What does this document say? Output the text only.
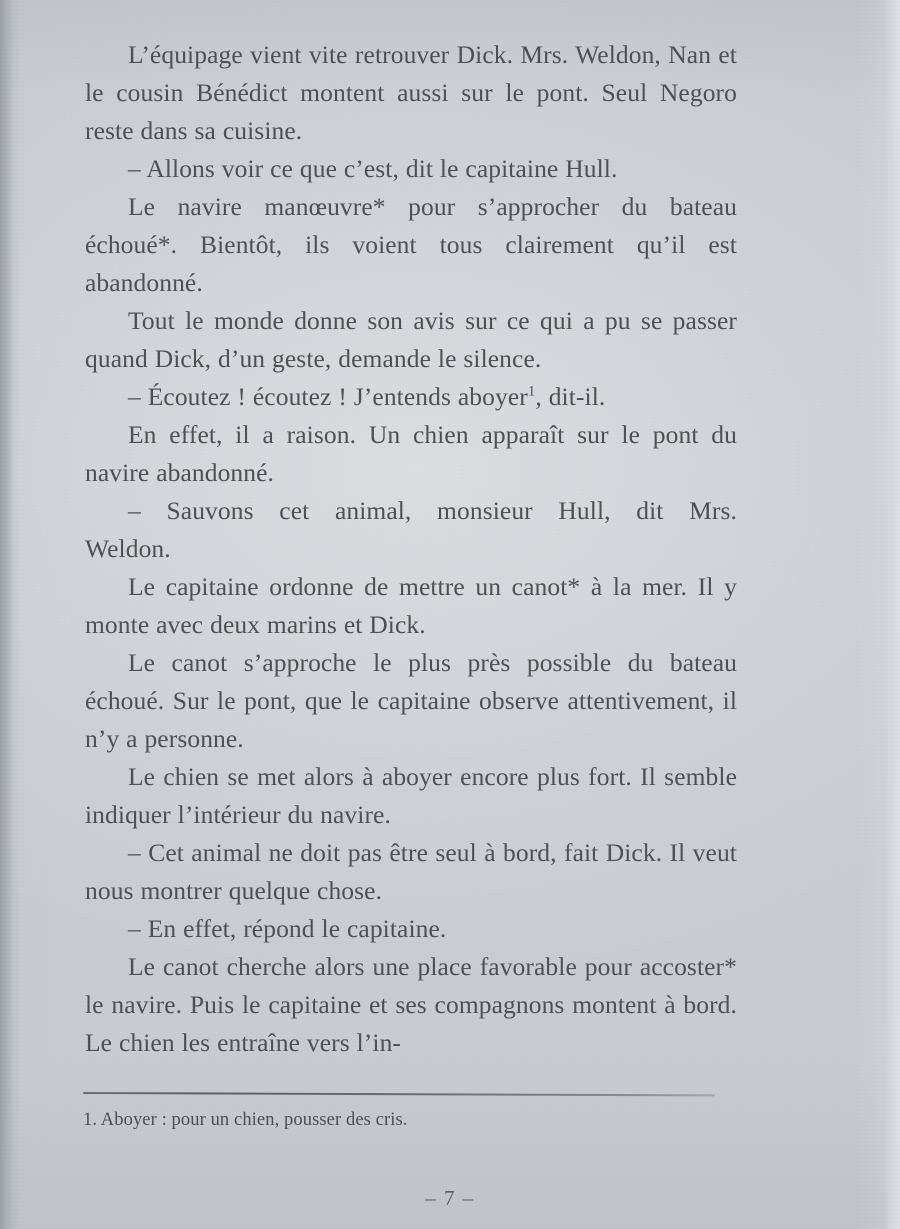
L’équipage vient vite retrouver Dick. Mrs. Weldon, Nan et le cousin Bénédict montent aussi sur le pont. Seul Negoro reste dans sa cuisine.

– Allons voir ce que c’est, dit le capitaine Hull.

Le navire manœuvre* pour s’approcher du bateau échoué*. Bientôt, ils voient tous clairement qu’il est abandonné.

Tout le monde donne son avis sur ce qui a pu se passer quand Dick, d’un geste, demande le silence.

– Écoutez ! écoutez ! J’entends aboyer$^1$, dit-il.

En effet, il a raison. Un chien apparaît sur le pont du navire abandonné.

– Sauvons cet animal, monsieur Hull, dit Mrs. Weldon.

Le capitaine ordonne de mettre un canot* à la mer. Il y monte avec deux marins et Dick.

Le canot s’approche le plus près possible du bateau échoué. Sur le pont, que le capitaine observe attentivement, il n’y a personne.

Le chien se met alors à aboyer encore plus fort. Il semble indiquer l’intérieur du navire.

– Cet animal ne doit pas être seul à bord, fait Dick. Il veut nous montrer quelque chose.

– En effet, répond le capitaine.

Le canot cherche alors une place favorable pour accoster* le navire. Puis le capitaine et ses compagnons montent à bord. Le chien les entraîne vers l’in-

1. Aboyer : pour un chien, pousser des cris.

– 7 –
